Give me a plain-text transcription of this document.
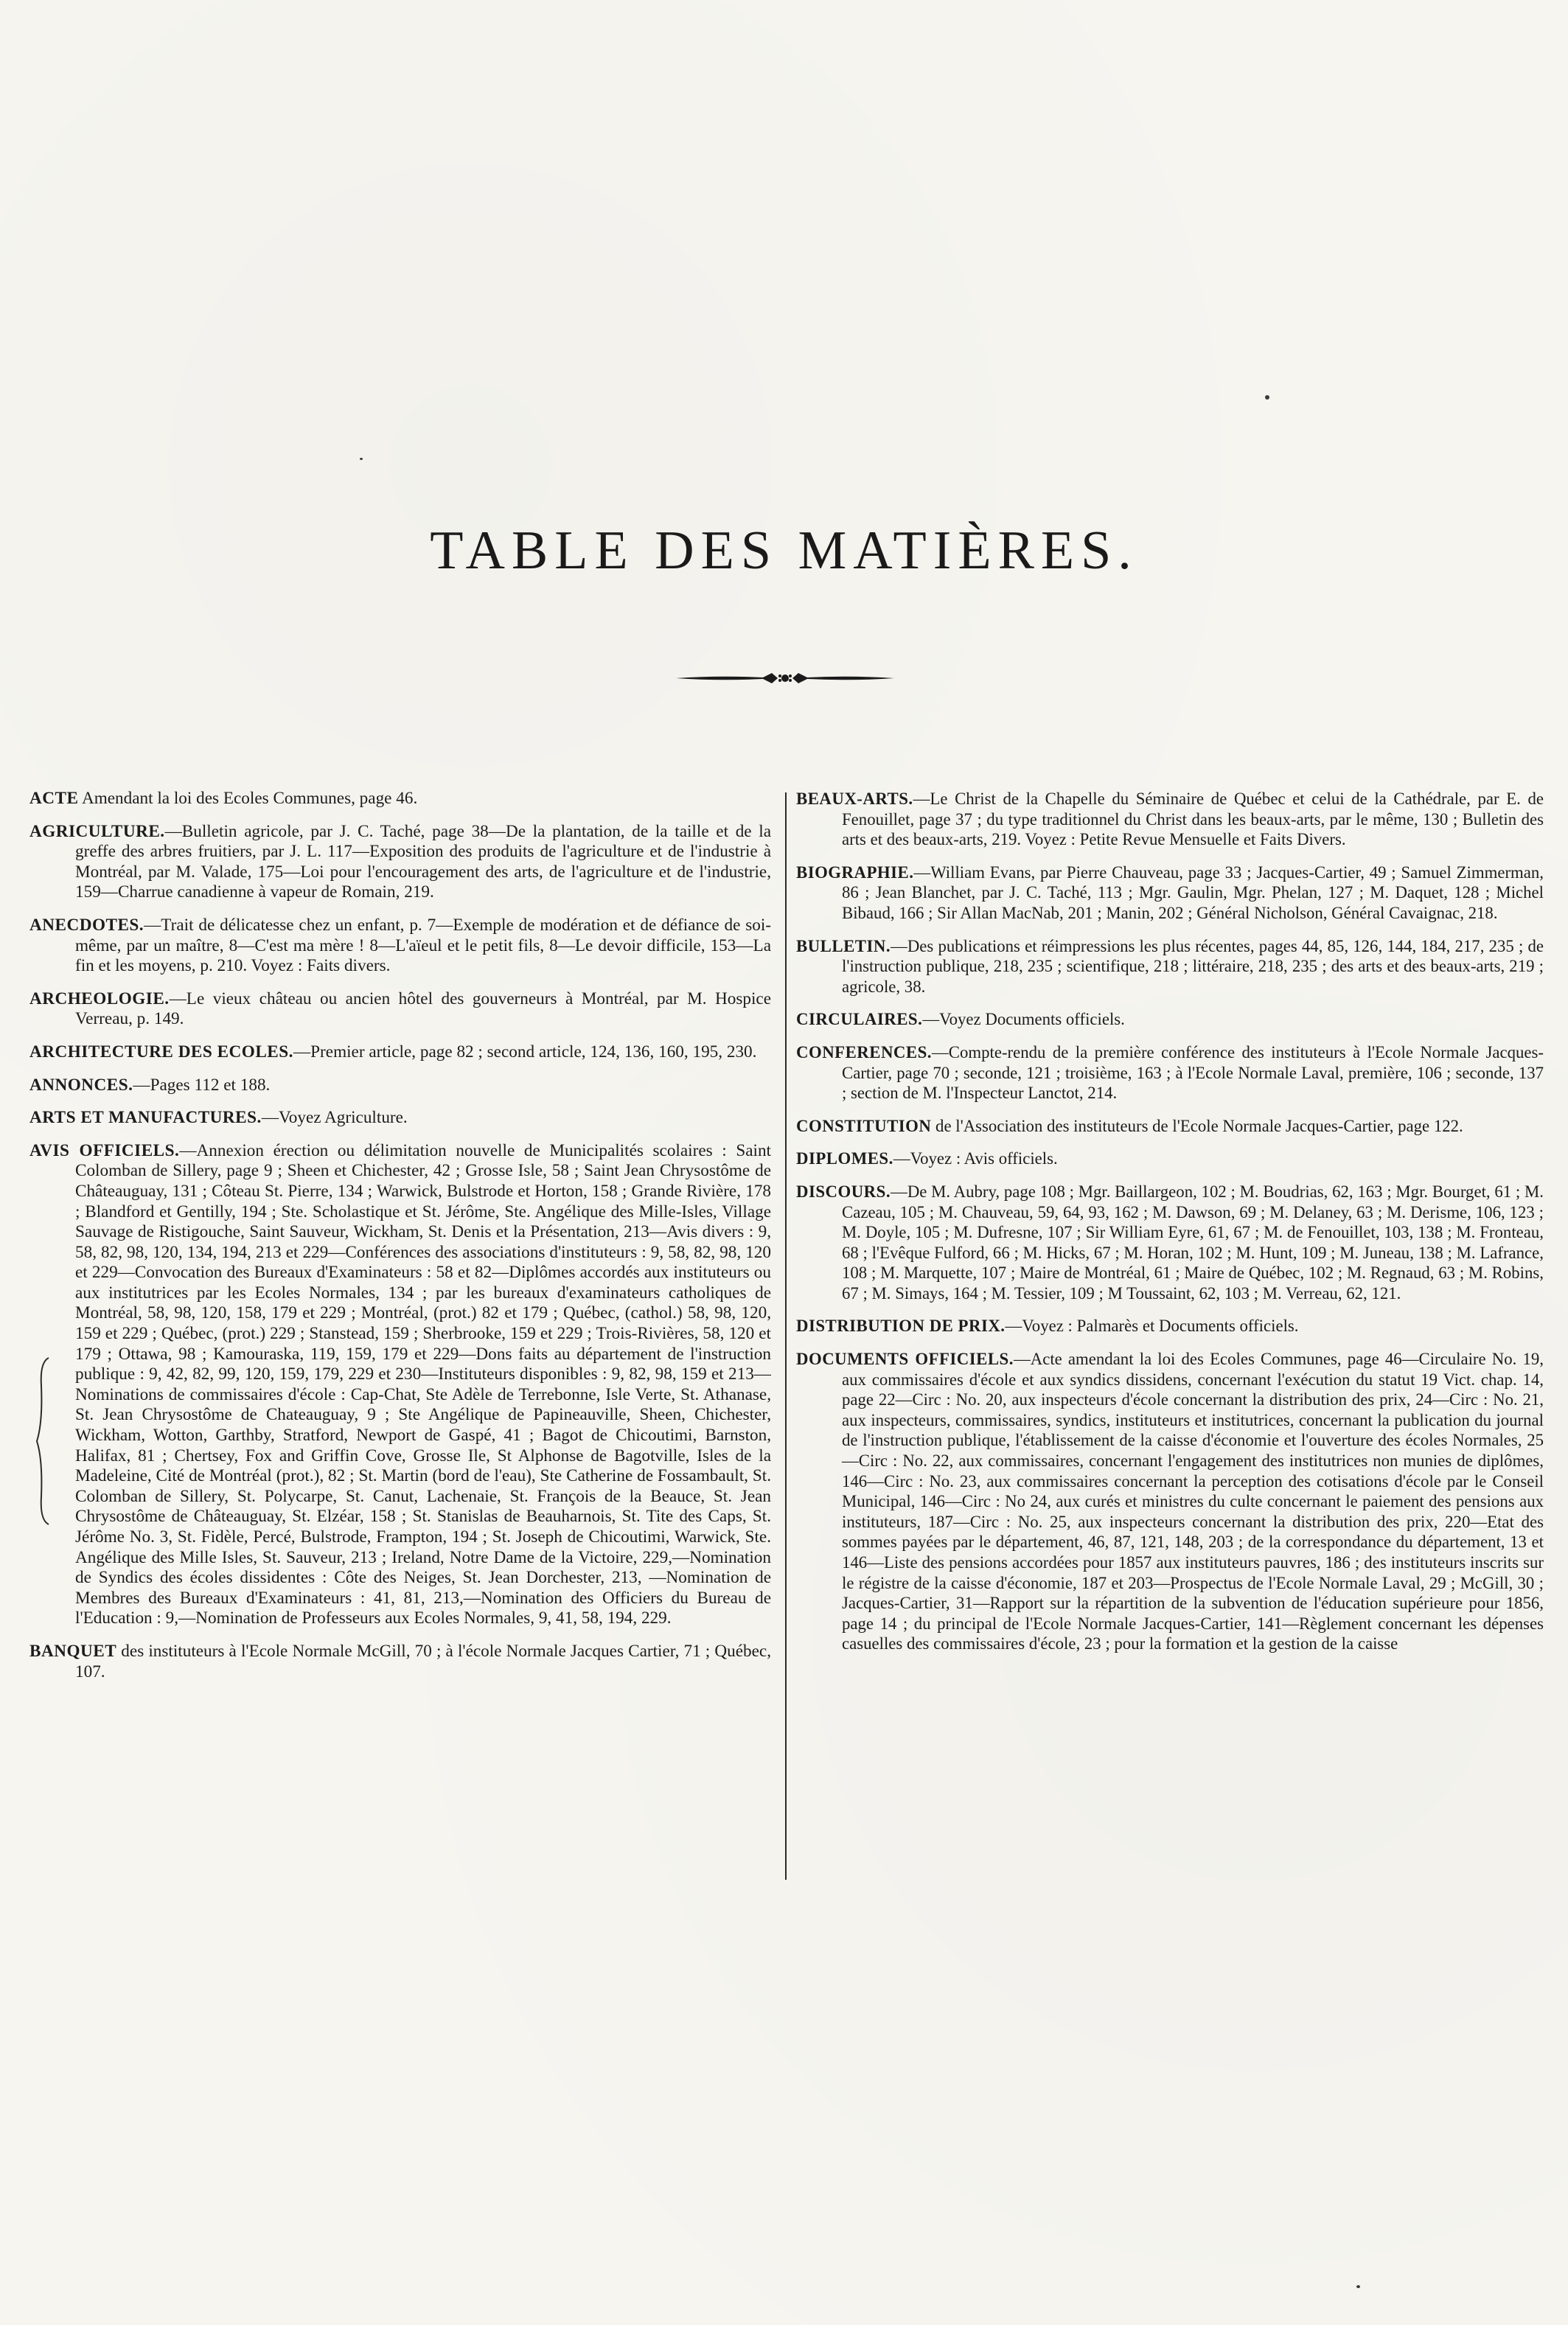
TABLE DES MATIÈRES.

ACTE Amendant la loi des Ecoles Communes, page 46.

AGRICULTURE.—Bulletin agricole, par J. C. Taché, page 38—De la plantation, de la taille et de la greffe des arbres fruitiers, par J. L. 117—Exposition des produits de l'agriculture et de l'industrie à Montréal, par M. Valade, 175—Loi pour l'encouragement des arts, de l'agriculture et de l'industrie, 159—Charrue canadienne à vapeur de Romain, 219.

ANECDOTES.—Trait de délicatesse chez un enfant, p. 7—Exemple de modération et de défiance de soi-même, par un maître, 8—C'est ma mère ! 8—L'aïeul et le petit fils, 8—Le devoir difficile, 153—La fin et les moyens, p. 210. Voyez : Faits divers.

ARCHEOLOGIE.—Le vieux château ou ancien hôtel des gouverneurs à Montréal, par M. Hospice Verreau, p. 149.

ARCHITECTURE DES ECOLES.—Premier article, page 82 ; second article, 124, 136, 160, 195, 230.

ANNONCES.—Pages 112 et 188.

ARTS ET MANUFACTURES.—Voyez Agriculture.

AVIS OFFICIELS.—Annexion érection ou délimitation nouvelle de Municipalités scolaires : Saint Colomban de Sillery, page 9 ; Sheen et Chichester, 42 ; Grosse Isle, 58 ; Saint Jean Chrysostôme de Châteauguay, 131 ; Côteau St. Pierre, 134 ; Warwick, Bulstrode et Horton, 158 ; Grande Rivière, 178 ; Blandford et Gentilly, 194 ; Ste. Scholastique et St. Jérôme, Ste. Angélique des Mille-Isles, Village Sauvage de Ristigouche, Saint Sauveur, Wickham, St. Denis et la Présentation, 213—Avis divers : 9, 58, 82, 98, 120, 134, 194, 213 et 229—Conférences des associations d'instituteurs : 9, 58, 82, 98, 120 et 229—Convocation des Bureaux d'Examinateurs : 58 et 82—Diplômes accordés aux instituteurs ou aux institutrices par les Ecoles Normales, 134 ; par les bureaux d'examinateurs catholiques de Montréal, 58, 98, 120, 158, 179 et 229 ; Montréal, (prot.) 82 et 179 ; Québec, (cathol.) 58, 98, 120, 159 et 229 ; Québec, (prot.) 229 ; Stanstead, 159 ; Sherbrooke, 159 et 229 ; Trois-Rivières, 58, 120 et 179 ; Ottawa, 98 ; Kamouraska, 119, 159, 179 et 229—Dons faits au département de l'instruction publique : 9, 42, 82, 99, 120, 159, 179, 229 et 230—Instituteurs disponibles : 9, 82, 98, 159 et 213—Nominations de commissaires d'école : Cap-Chat, Ste Adèle de Terrebonne, Isle Verte, St. Athanase, St. Jean Chrysostôme de Chateauguay, 9 ; Ste Angélique de Papineauville, Sheen, Chichester, Wickham, Wotton, Garthby, Stratford, Newport de Gaspé, 41 ; Bagot de Chicoutimi, Barnston, Halifax, 81 ; Chertsey, Fox and Griffin Cove, Grosse Ile, St Alphonse de Bagotville, Isles de la Madeleine, Cité de Montréal (prot.), 82 ; St. Martin (bord de l'eau), Ste Catherine de Fossambault, St. Colomban de Sillery, St. Polycarpe, St. Canut, Lachenaie, St. François de la Beauce, St. Jean Chrysostôme de Châteauguay, St. Elzéar, 158 ; St. Stanislas de Beauharnois, St. Tite des Caps, St. Jérôme No. 3, St. Fidèle, Percé, Bulstrode, Frampton, 194 ; St. Joseph de Chicoutimi, Warwick, Ste. Angélique des Mille Isles, St. Sauveur, 213 ; Ireland, Notre Dame de la Victoire, 229,—Nomination de Syndics des écoles dissidentes : Côte des Neiges, St. Jean Dorchester, 213, —Nomination de Membres des Bureaux d'Examinateurs : 41, 81, 213,—Nomination des Officiers du Bureau de l'Education : 9,—Nomination de Professeurs aux Ecoles Normales, 9, 41, 58, 194, 229.

BANQUET des instituteurs à l'Ecole Normale McGill, 70 ; à l'école Normale Jacques Cartier, 71 ; Québec, 107.

BEAUX-ARTS.—Le Christ de la Chapelle du Séminaire de Québec et celui de la Cathédrale, par E. de Fenouillet, page 37 ; du type traditionnel du Christ dans les beaux-arts, par le même, 130 ; Bulletin des arts et des beaux-arts, 219. Voyez : Petite Revue Mensuelle et Faits Divers.

BIOGRAPHIE.—William Evans, par Pierre Chauveau, page 33 ; Jacques-Cartier, 49 ; Samuel Zimmerman, 86 ; Jean Blanchet, par J. C. Taché, 113 ; Mgr. Gaulin, Mgr. Phelan, 127 ; M. Daquet, 128 ; Michel Bibaud, 166 ; Sir Allan MacNab, 201 ; Manin, 202 ; Général Nicholson, Général Cavaignac, 218.

BULLETIN.—Des publications et réimpressions les plus récentes, pages 44, 85, 126, 144, 184, 217, 235 ; de l'instruction publique, 218, 235 ; scientifique, 218 ; littéraire, 218, 235 ; des arts et des beaux-arts, 219 ; agricole, 38.

CIRCULAIRES.—Voyez Documents officiels.

CONFERENCES.—Compte-rendu de la première conférence des instituteurs à l'Ecole Normale Jacques-Cartier, page 70 ; seconde, 121 ; troisième, 163 ; à l'Ecole Normale Laval, première, 106 ; seconde, 137 ; section de M. l'Inspecteur Lanctot, 214.

CONSTITUTION de l'Association des instituteurs de l'Ecole Normale Jacques-Cartier, page 122.

DIPLOMES.—Voyez : Avis officiels.

DISCOURS.—De M. Aubry, page 108 ; Mgr. Baillargeon, 102 ; M. Boudrias, 62, 163 ; Mgr. Bourget, 61 ; M. Cazeau, 105 ; M. Chauveau, 59, 64, 93, 162 ; M. Dawson, 69 ; M. Delaney, 63 ; M. Derisme, 106, 123 ; M. Doyle, 105 ; M. Dufresne, 107 ; Sir William Eyre, 61, 67 ; M. de Fenouillet, 103, 138 ; M. Fronteau, 68 ; l'Evêque Fulford, 66 ; M. Hicks, 67 ; M. Horan, 102 ; M. Hunt, 109 ; M. Juneau, 138 ; M. Lafrance, 108 ; M. Marquette, 107 ; Maire de Montréal, 61 ; Maire de Québec, 102 ; M. Regnaud, 63 ; M. Robins, 67 ; M. Simays, 164 ; M. Tessier, 109 ; M Toussaint, 62, 103 ; M. Verreau, 62, 121.

DISTRIBUTION DE PRIX.—Voyez : Palmarès et Documents officiels.

DOCUMENTS OFFICIELS.—Acte amendant la loi des Ecoles Communes, page 46—Circulaire No. 19, aux commissaires d'école et aux syndics dissidens, concernant l'exécution du statut 19 Vict. chap. 14, page 22—Circ : No. 20, aux inspecteurs d'école concernant la distribution des prix, 24—Circ : No. 21, aux inspecteurs, commissaires, syndics, instituteurs et institutrices, concernant la publication du journal de l'instruction publique, l'établissement de la caisse d'économie et l'ouverture des écoles Normales, 25—Circ : No. 22, aux commissaires, concernant l'engagement des institutrices non munies de diplômes, 146—Circ : No. 23, aux commissaires concernant la perception des cotisations d'école par le Conseil Municipal, 146—Circ : No 24, aux curés et ministres du culte concernant le paiement des pensions aux instituteurs, 187—Circ : No. 25, aux inspecteurs concernant la distribution des prix, 220—Etat des sommes payées par le département, 46, 87, 121, 148, 203 ; de la correspondance du département, 13 et 146—Liste des pensions accordées pour 1857 aux instituteurs pauvres, 186 ; des instituteurs inscrits sur le régistre de la caisse d'économie, 187 et 203—Prospectus de l'Ecole Normale Laval, 29 ; McGill, 30 ; Jacques-Cartier, 31—Rapport sur la répartition de la subvention de l'éducation supérieure pour 1856, page 14 ; du principal de l'Ecole Normale Jacques-Cartier, 141—Règlement concernant les dépenses casuelles des commissaires d'école, 23 ; pour la formation et la gestion de la caisse
